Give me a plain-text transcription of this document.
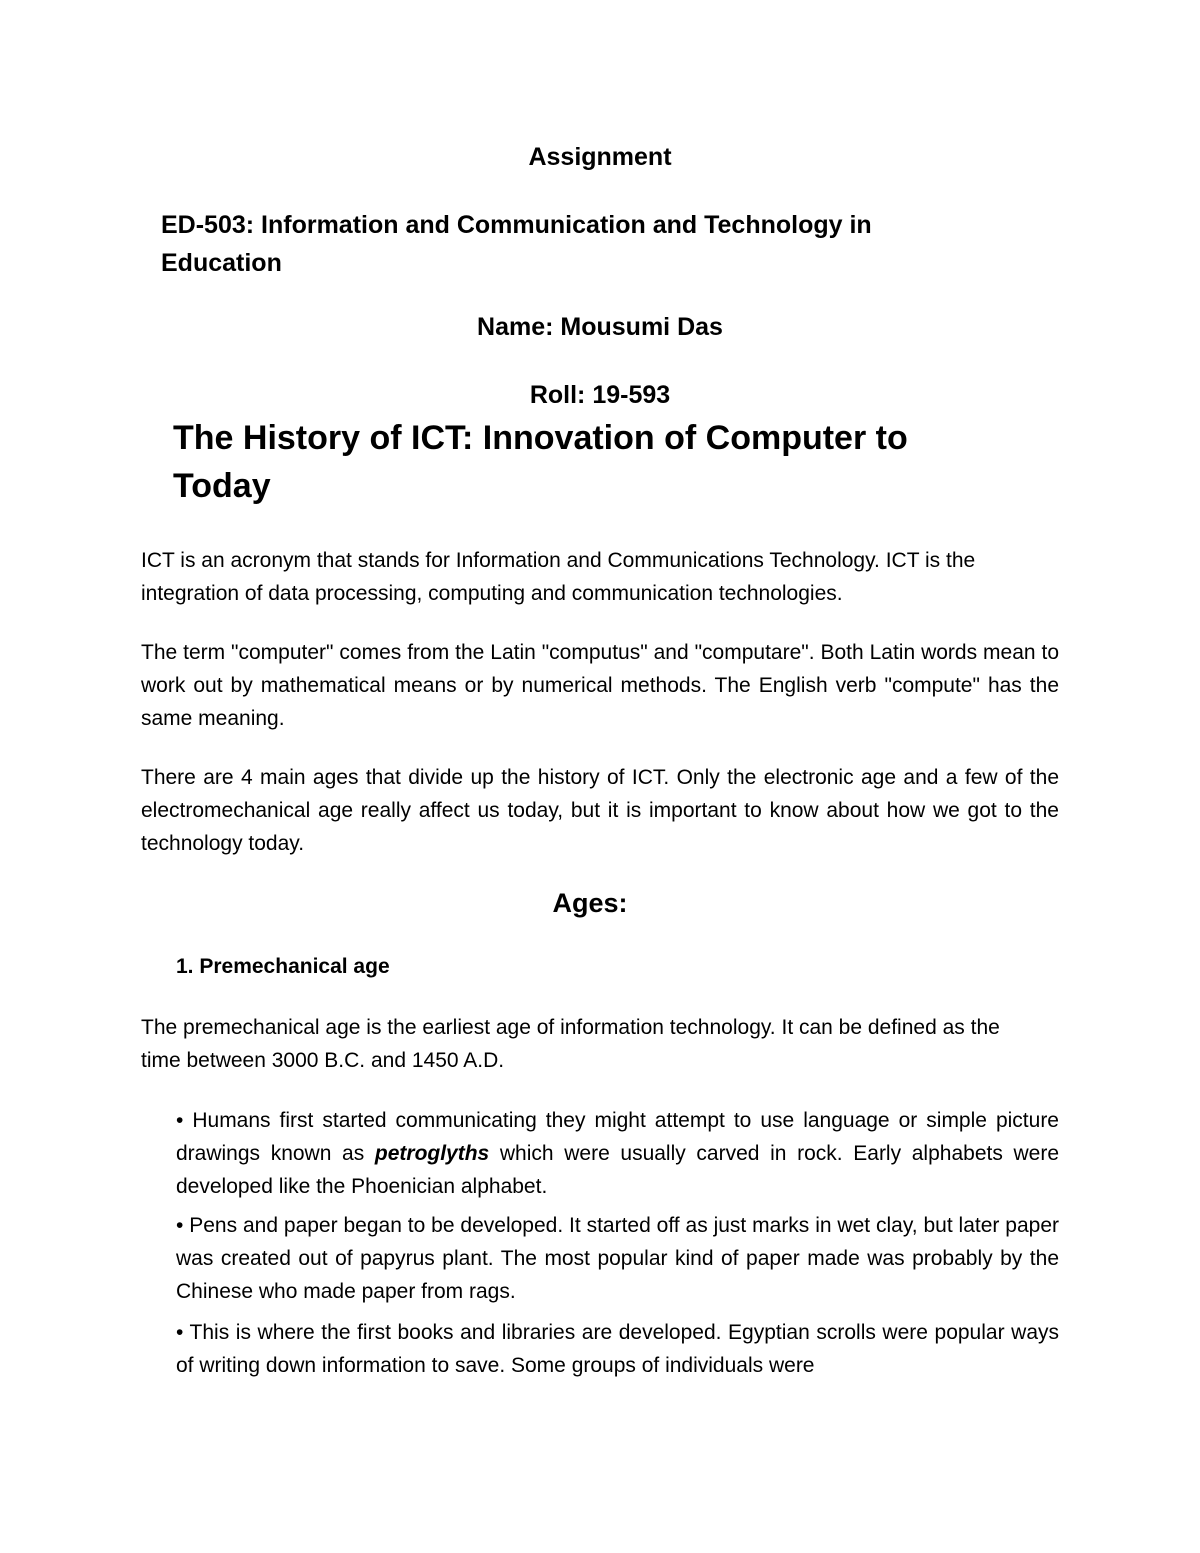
Assignment

ED-503: Information and Communication and Technology in Education

Name: Mousumi Das

Roll: 19-593

The History of ICT: Innovation of Computer to Today

ICT is an acronym that stands for Information and Communications Technology. ICT is the integration of data processing, computing and communication technologies.

The term "computer" comes from the Latin "computus" and "computare". Both Latin words mean to work out by mathematical means or by numerical methods. The English verb "compute" has the same meaning.

There are 4 main ages that divide up the history of ICT. Only the electronic age and a few of the electromechanical age really affect us today, but it is important to know about how we got to the technology today.

Ages:
1. Premechanical age

The premechanical age is the earliest age of information technology. It can be defined as the time between 3000 B.C. and 1450 A.D.

• Humans first started communicating they might attempt to use language or simple picture drawings known as petroglyths which were usually carved in rock. Early alphabets were developed like the Phoenician alphabet.

• Pens and paper began to be developed. It started off as just marks in wet clay, but later paper was created out of papyrus plant. The most popular kind of paper made was probably by the Chinese who made paper from rags.

• This is where the first books and libraries are developed. Egyptian scrolls were popular ways of writing down information to save. Some groups of individuals were
